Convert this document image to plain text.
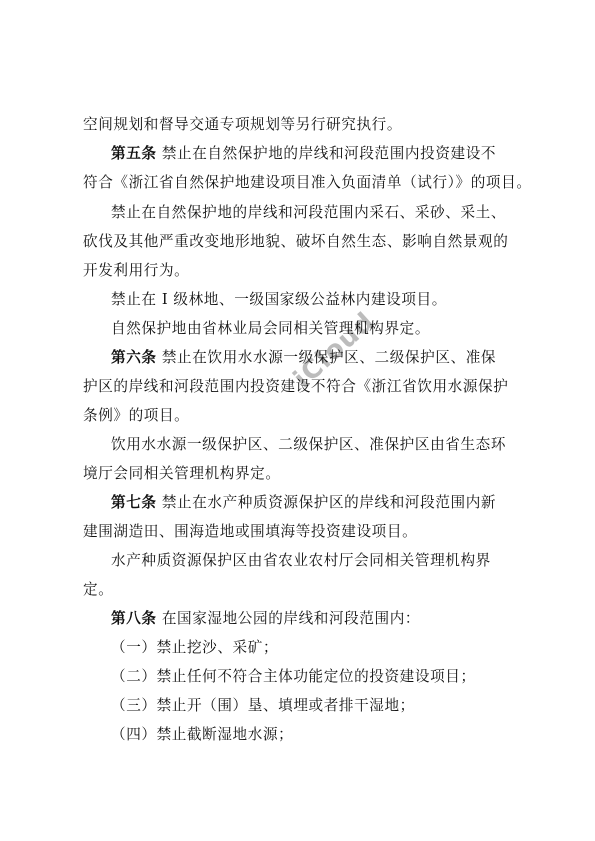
空间规划和督导交通专项规划等另行研究执行。
第五条 禁止在自然保护地的岸线和河段范围内投资建设不
符合《浙江省自然保护地建设项目准入负面清单（试行）》的项目。
禁止在自然保护地的岸线和河段范围内采石、采砂、采土、
砍伐及其他严重改变地形地貌、破坏自然生态、影响自然景观的
开发利用行为。
禁止在 I 级林地、一级国家级公益林内建设项目。
自然保护地由省林业局会同相关管理机构界定。
第六条 禁止在饮用水水源一级保护区、二级保护区、准保
护区的岸线和河段范围内投资建设不符合《浙江省饮用水源保护
条例》的项目。
饮用水水源一级保护区、二级保护区、准保护区由省生态环
境厅会同相关管理机构界定。
第七条 禁止在水产种质资源保护区的岸线和河段范围内新
建围湖造田、围海造地或围填海等投资建设项目。
水产种质资源保护区由省农业农村厅会同相关管理机构界
定。
第八条 在国家湿地公园的岸线和河段范围内：
（一）禁止挖沙、采矿；
（二）禁止任何不符合主体功能定位的投资建设项目；
（三）禁止开（围）垦、填埋或者排干湿地；
（四）禁止截断湿地水源；
iCloud
